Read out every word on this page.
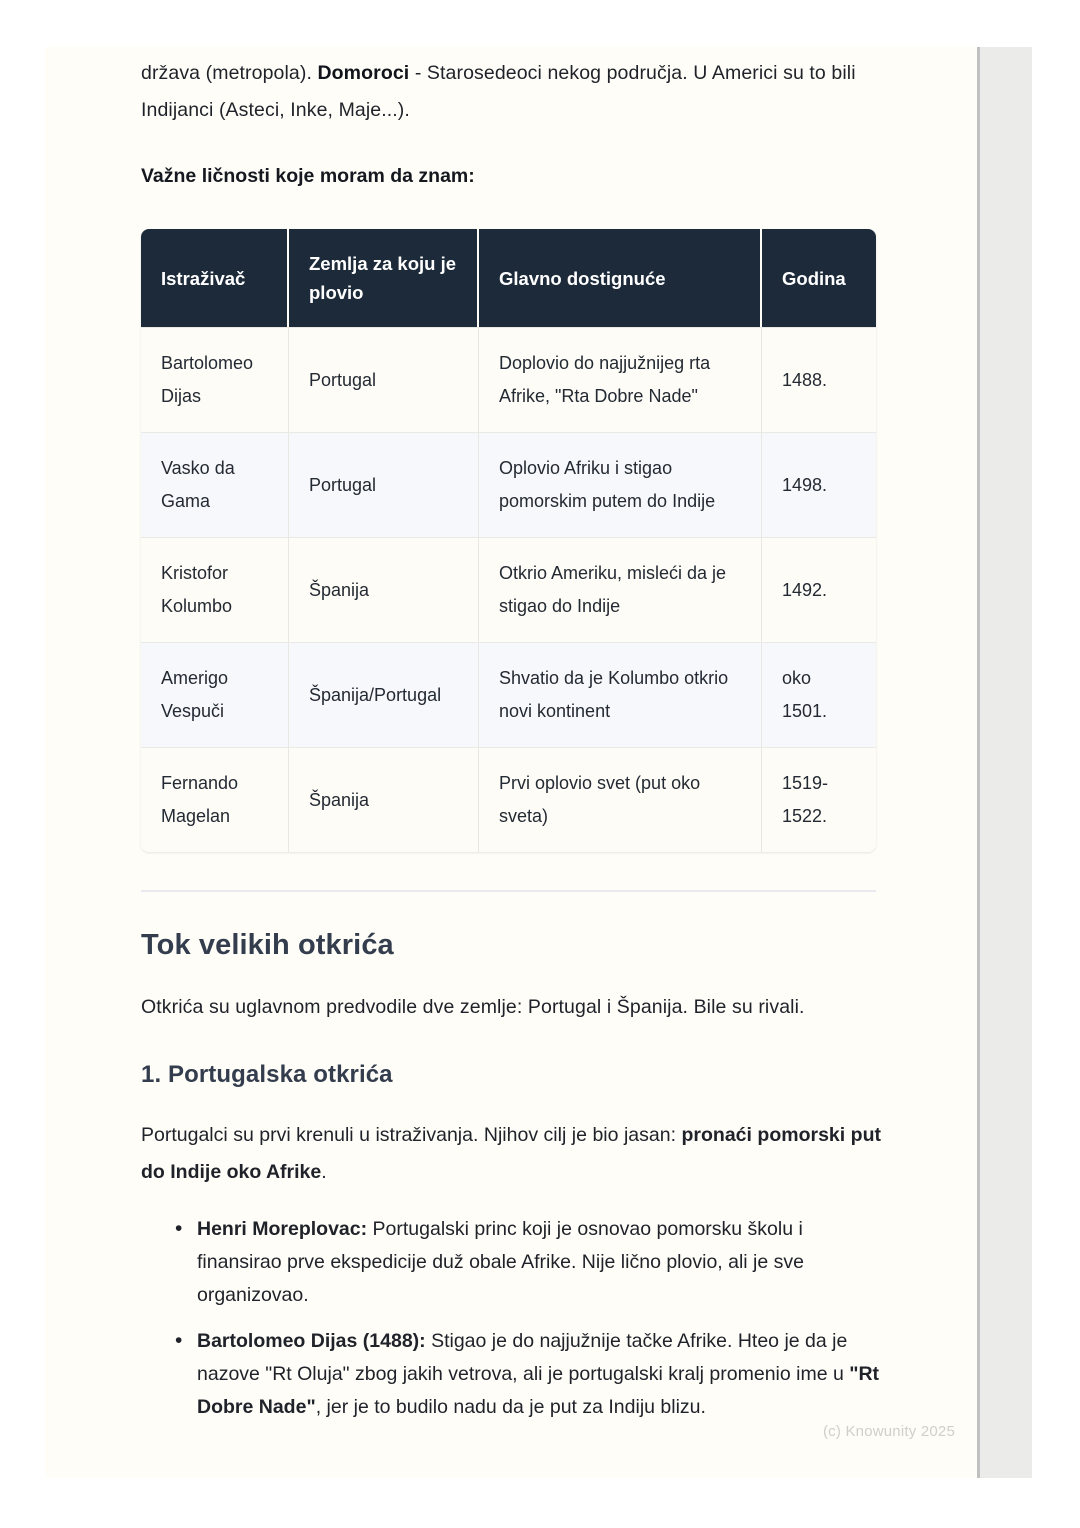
država (metropola). Domoroci - Starosedeoci nekog područja. U Americi su to bili Indijanci (Asteci, Inke, Maje...).

Važne ličnosti koje moram da znam:

Istraživač	Zemlja za koju je plovio	Glavno dostignuće	Godina
Bartolomeo Dijas	Portugal	Doplovio do najjužnijeg rta Afrike, "Rta Dobre Nade"	1488.
Vasko da Gama	Portugal	Oplovio Afriku i stigao pomorskim putem do Indije	1498.
Kristofor Kolumbo	Španija	Otkrio Ameriku, misleći da je stigao do Indije	1492.
Amerigo Vespuči	Španija/Portugal	Shvatio da je Kolumbo otkrio novi kontinent	oko 1501.
Fernando Magelan	Španija	Prvi oplovio svet (put oko sveta)	1519-1522.
Tok velikih otkrića

Otkrića su uglavnom predvodile dve zemlje: Portugal i Španija. Bile su rivali.

1. Portugalska otkrića

Portugalci su prvi krenuli u istraživanja. Njihov cilj je bio jasan: pronaći pomorski put do Indije oko Afrike.

• Henri Moreplovac: Portugalski princ koji je osnovao pomorsku školu i finansirao prve ekspedicije duž obale Afrike. Nije lično plovio, ali je sve organizovao.
• Bartolomeo Dijas (1488): Stigao je do najjužnije tačke Afrike. Hteo je da je nazove "Rt Oluja" zbog jakih vetrova, ali je portugalski kralj promenio ime u "Rt Dobre Nade", jer je to budilo nadu da je put za Indiju blizu.
(c) Knowunity 2025
